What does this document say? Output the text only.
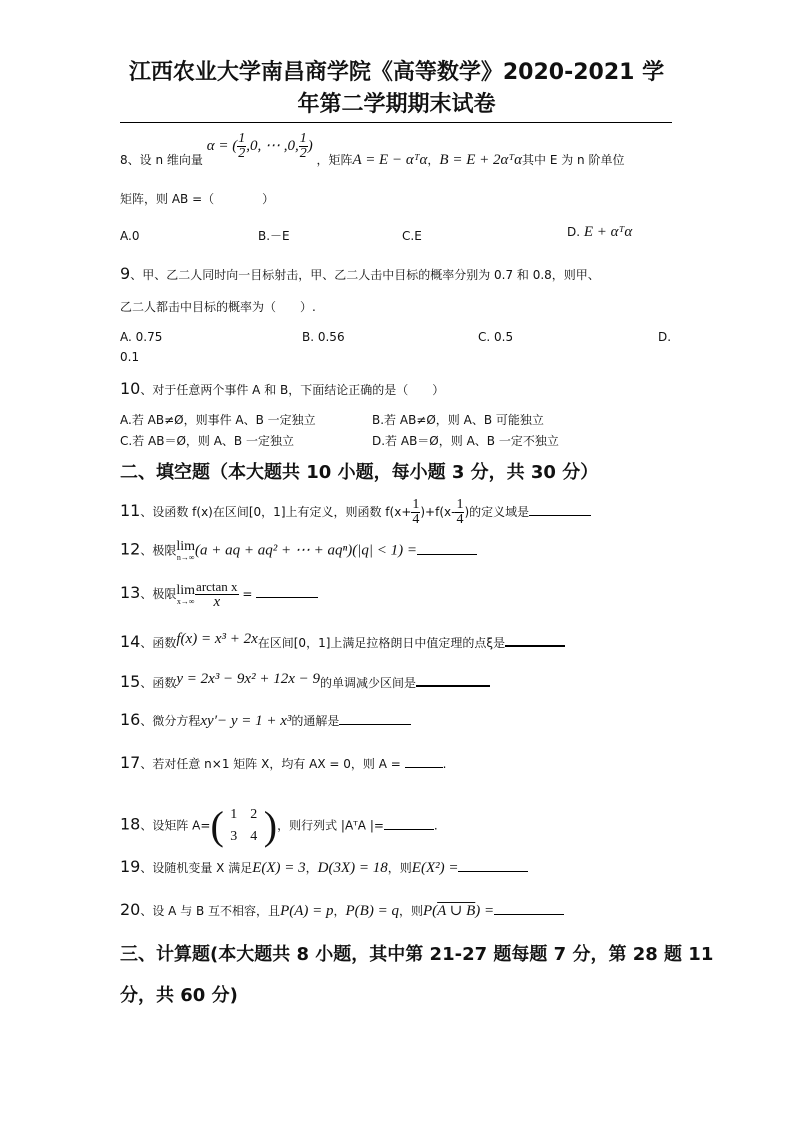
江西农业大学南昌商学院《高等数学》2020-2021 学
年第二学期期末试卷
8、设 n 维向量 α = ( $\frac{1}{2} ,0$, ⋯ ,0, $\frac{1}{2}$ ) ，矩阵A = E − αᵀα，B = E + 2αᵀα其中 E 为 n 阶单位
矩阵，则 AB =（　　　　）
A.0	B.－E	C.E	D. E + αᵀα
9、甲、乙二人同时向一目标射击，甲、乙二人击中目标的概率分别为 0.7 和 0.8，则甲、
乙二人都击中目标的概率为（　　）.
A. 0.75	B. 0.56	C. 0.5	D.
0.1
10、对于任意两个事件 A 和 B，下面结论正确的是（　　）
A.若 AB≠Ø，则事件 A、B 一定独立	B.若 AB≠Ø，则 A、B 可能独立
C.若 AB＝Ø，则 A、B 一定独立	D.若 AB＝Ø，则 A、B 一定不独立
二、填空题（本大题共 10 小题，每小题 3 分，共 30 分）
11、设函数 f(x)在区间[0，1]上有定义，则函数 $f(x+ \frac{1}{4} )+f(x- \frac{1}{4}$ )的定义域是
12、极限 lim
n→∞ (a + aq + aq² + ⋯ + aqⁿ)(|q| < 1) =
13、极限 lim
$x\to\infty \frac{\text{arctan x}}{x}$ =
14、函数f(x) = x³ + 2x在区间[0，1]上满足拉格朗日中值定理的点ξ是
15、函数y = 2x³ − 9x² + 12x − 9的单调减少区间是
16、微分方程xy′− y = 1 + x³的通解是
17、若对任意 n×1 矩阵 X，均有 AX = 0，则 A =	.
18、设矩阵 A= ( 1 2
3 4 ) ，则行列式 |AᵀA |=	.
19、设随机变量 X 满足E(X) = 3，D(3X) = 18，则E(X²) =
20、设 A 与 B 互不相容，且P(A) = p，P(B) = q，则P(A ∪ B) =
三、计算题(本大题共 8 小题，其中第 21-27 题每题 7 分，第 28 题 11
分，共 60 分)
